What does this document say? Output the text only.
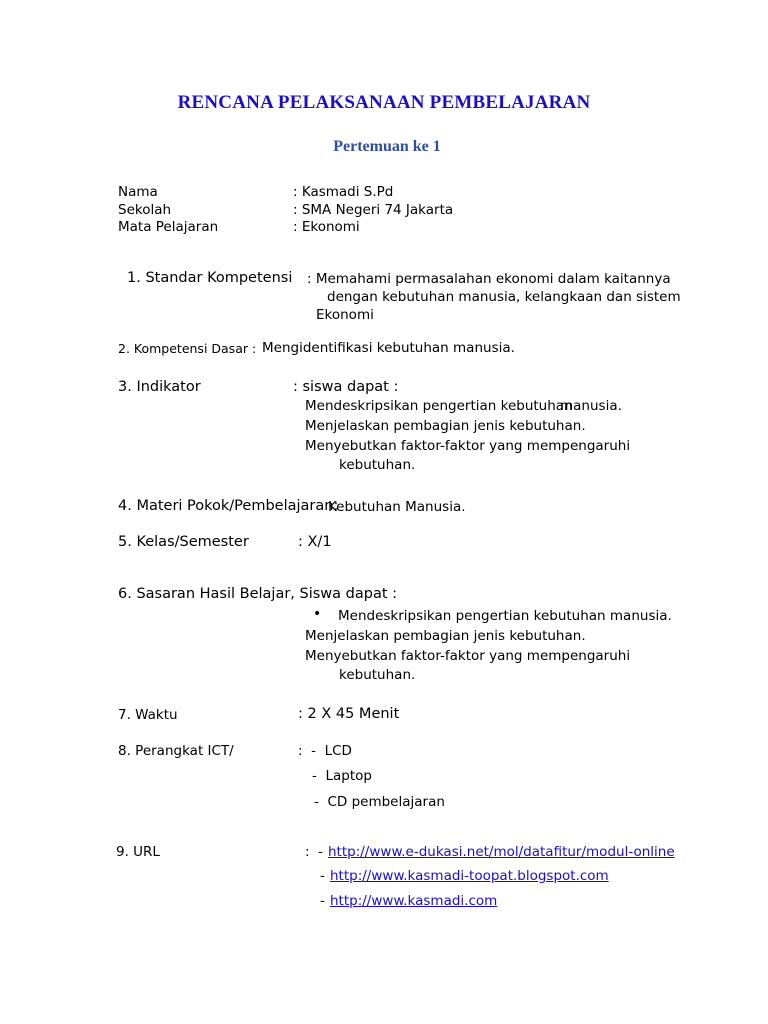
RENCANA PELAKSANAAN PEMBELAJARAN
Pertemuan ke 1
Nama	: Kasmadi S.Pd
Sekolah	: SMA Negeri 74 Jakarta
Mata Pelajaran	: Ekonomi
1. Standar Kompetensi : Memahami permasalahan ekonomi dalam kaitannya
dengan kebutuhan manusia, kelangkaan dan sistem
Ekonomi
2. Kompetensi Dasar : Mengidentifikasi kebutuhan manusia.
3. Indikator	: siswa dapat :
Mendeskripsikan pengertian kebutuhan
manusia.
Menjelaskan pembagian jenis kebutuhan.
Menyebutkan faktor-faktor yang mempengaruhi
kebutuhan.
4. Materi Pokok/Pembelajaran:
Kebutuhan Manusia.
5. Kelas/Semester	: X/1
6. Sasaran Hasil Belajar, Siswa dapat :
• Mendeskripsikan pengertian kebutuhan manusia.
Menjelaskan pembagian jenis kebutuhan.
Menyebutkan faktor-faktor yang mempengaruhi
kebutuhan.
7. Waktu	: 2 X 45 Menit
8. Perangkat ICT/	:  -  LCD
-  Laptop
-  CD pembelajaran
9. URL	:  - http://www.e-dukasi.net/mol/datafitur/modul-online
- http://www.kasmadi-toopat.blogspot.com
- http://www.kasmadi.com
